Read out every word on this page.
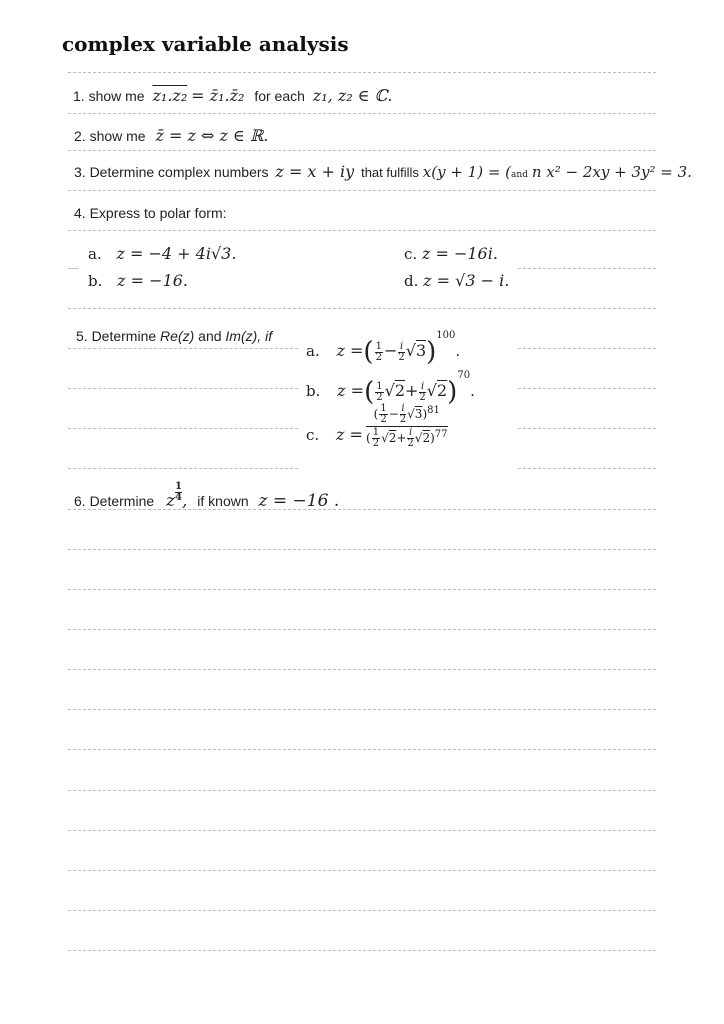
complex variable analysis
1. show me z₁.z₂ = z̄₁.z̄₂ for each z₁, z₂ ∈ ℂ.
2. show me z̄ = z ⇔ z ∈ ℝ.
3. Determine complex numbers z = x + iy that fulfills x(y + 1) = (and n x² − 2xy + 3y² = 3.
4. Express to polar form:
a. z = −4 + 4i√3.
b. z = −16.
c. z = −16i.
d. z = √3 − i.
5. Determine Re(z) and Im(z), if
a. z =( $\frac{1}{2} - \frac{i}{2} √3)^{100}$.
b. z =( $\frac{1}{2} √2+ \frac{i}{2} √2)^{70}$.
c. z =
( $\frac{1}{2} - \frac{i}{2} √3)^{81}$
( $\frac{1}{2} √2+ \frac{i}{2} √2)^{77}$
6. Determine z $\frac{1}{4}$ , if known z = −16 .
